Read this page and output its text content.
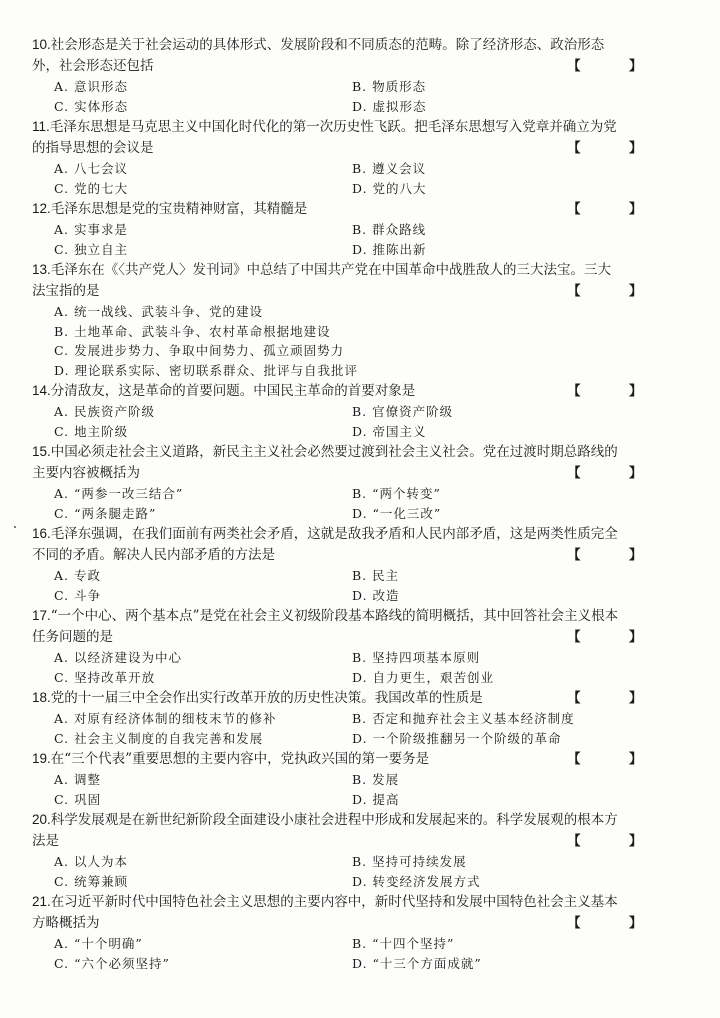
10.社会形态是关于社会运动的具体形式、发展阶段和不同质态的范畴。除了经济形态、政治形态外，社会形态还包括	【 】
A. 意识形态	B. 物质形态
C. 实体形态	D. 虚拟形态
11.毛泽东思想是马克思主义中国化时代化的第一次历史性飞跃。把毛泽东思想写入党章并确立为党的指导思想的会议是	【 】
A. 八七会议	B. 遵义会议
C. 党的七大	D. 党的八大
12.毛泽东思想是党的宝贵精神财富，其精髓是	【 】
A. 实事求是	B. 群众路线
C. 独立自主	D. 推陈出新
13.毛泽东在《〈共产党人〉发刊词》中总结了中国共产党在中国革命中战胜敌人的三大法宝。三大法宝指的是	【 】
A. 统一战线、武装斗争、党的建设
B. 土地革命、武装斗争、农村革命根据地建设
C. 发展进步势力、争取中间势力、孤立顽固势力
D. 理论联系实际、密切联系群众、批评与自我批评
14.分清敌友，这是革命的首要问题。中国民主革命的首要对象是	【 】
A. 民族资产阶级	B. 官僚资产阶级
C. 地主阶级	D. 帝国主义
15.中国必须走社会主义道路，新民主主义社会必然要过渡到社会主义社会。党在过渡时期总路线的主要内容被概括为	【 】
A. “两参一改三结合”	B. “两个转变”
C. “两条腿走路”	D. “一化三改”
16.毛泽东强调，在我们面前有两类社会矛盾，这就是敌我矛盾和人民内部矛盾，这是两类性质完全不同的矛盾。解决人民内部矛盾的方法是	【 】
A. 专政	B. 民主
C. 斗争	D. 改造
17.“一个中心、两个基本点”是党在社会主义初级阶段基本路线的简明概括，其中回答社会主义根本任务问题的是	【 】
A. 以经济建设为中心	B. 坚持四项基本原则
C. 坚持改革开放	D. 自力更生，艰苦创业
18.党的十一届三中全会作出实行改革开放的历史性决策。我国改革的性质是	【 】
A. 对原有经济体制的细枝末节的修补	B. 否定和抛弃社会主义基本经济制度
C. 社会主义制度的自我完善和发展	D. 一个阶级推翻另一个阶级的革命
19.在“三个代表”重要思想的主要内容中，党执政兴国的第一要务是	【 】
A. 调整	B. 发展
C. 巩固	D. 提高
20.科学发展观是在新世纪新阶段全面建设小康社会进程中形成和发展起来的。科学发展观的根本方法是	【 】
A. 以人为本	B. 坚持可持续发展
C. 统筹兼顾	D. 转变经济发展方式
21.在习近平新时代中国特色社会主义思想的主要内容中，新时代坚持和发展中国特色社会主义基本方略概括为	【 】
A. “十个明确”	B. “十四个坚持”
C. “六个必须坚持”	D. “十三个方面成就”
